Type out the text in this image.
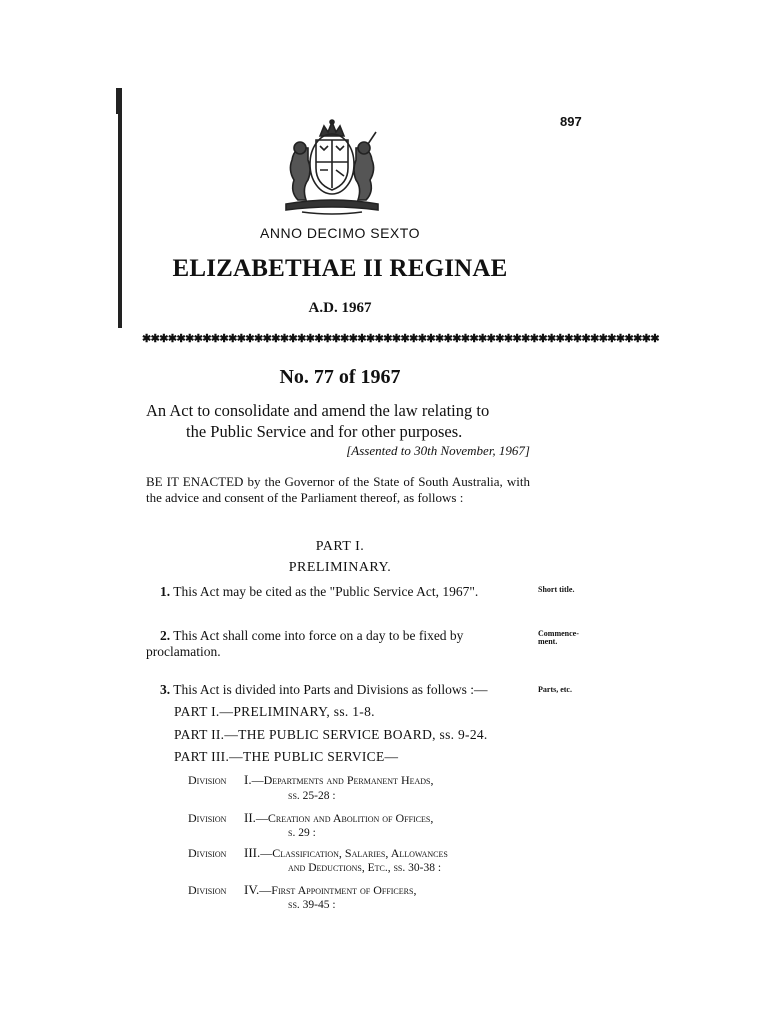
897
ANNO DECIMO SEXTO
ELIZABETHAE II REGINAE
A.D. 1967
✱✱✱✱✱✱✱✱✱✱✱✱✱✱✱✱✱✱✱✱✱✱✱✱✱✱✱✱✱✱✱✱✱✱✱✱✱✱✱✱✱✱✱✱✱✱✱✱✱✱✱✱✱✱✱✱✱✱✱✱
No. 77 of 1967
An Act to consolidate and amend the law relating to
the Public Service and for other purposes.
[Assented to 30th November, 1967]
BE IT ENACTED by the Governor of the State of South Australia, with the advice and consent of the Parliament thereof, as follows :
PART I.
PRELIMINARY.
1. This Act may be cited as the "Public Service Act, 1967".	Short title.
2. This Act shall come into force on a day to be fixed by
proclamation.
Commence-ment.
3. This Act is divided into Parts and Divisions as follows :—	Parts, etc.
PART I.—PRELIMINARY, ss. 1-8.
PART II.—THE PUBLIC SERVICE BOARD, ss. 9-24.
PART III.—THE PUBLIC SERVICE—
Division I.—Departments and Permanent Heads,
ss. 25-28 :
Division II.—Creation and Abolition of Offices,
s. 29 :
Division III.—Classification, Salaries, Allowances
and Deductions, Etc., ss. 30-38 :
Division IV.—First Appointment of Officers,
ss. 39-45 :
